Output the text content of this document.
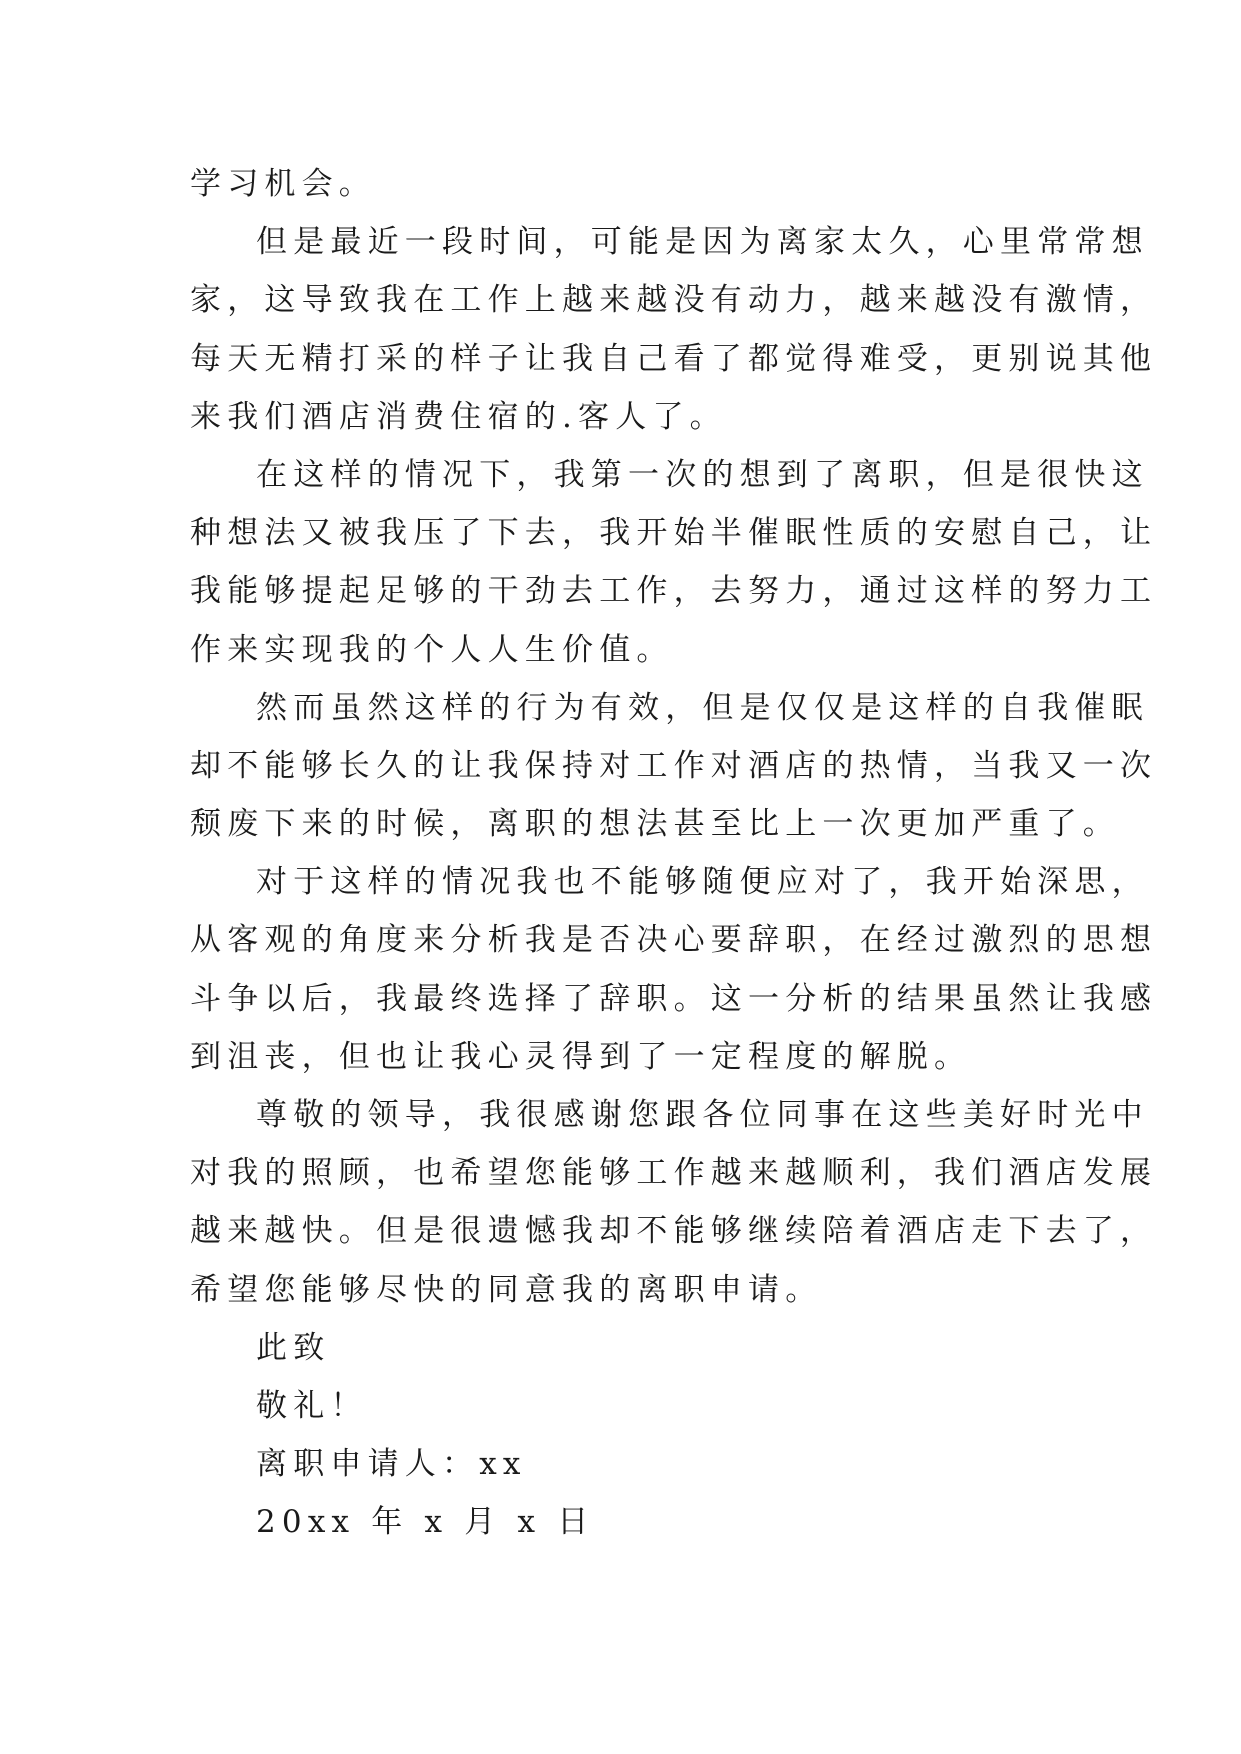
学习机会。
但是最近一段时间，可能是因为离家太久，心里常常想
家，这导致我在工作上越来越没有动力，越来越没有激情，
每天无精打采的样子让我自己看了都觉得难受，更别说其他
来我们酒店消费住宿的.客人了。
在这样的情况下，我第一次的想到了离职，但是很快这
种想法又被我压了下去，我开始半催眠性质的安慰自己，让
我能够提起足够的干劲去工作，去努力，通过这样的努力工
作来实现我的个人人生价值。
然而虽然这样的行为有效，但是仅仅是这样的自我催眠
却不能够长久的让我保持对工作对酒店的热情，当我又一次
颓废下来的时候，离职的想法甚至比上一次更加严重了。
对于这样的情况我也不能够随便应对了，我开始深思，
从客观的角度来分析我是否决心要辞职，在经过激烈的思想
斗争以后，我最终选择了辞职。这一分析的结果虽然让我感
到沮丧，但也让我心灵得到了一定程度的解脱。
尊敬的领导，我很感谢您跟各位同事在这些美好时光中
对我的照顾，也希望您能够工作越来越顺利，我们酒店发展
越来越快。但是很遗憾我却不能够继续陪着酒店走下去了，
希望您能够尽快的同意我的离职申请。
此致
敬礼！
离职申请人：xx
20xx 年 x 月 x 日
